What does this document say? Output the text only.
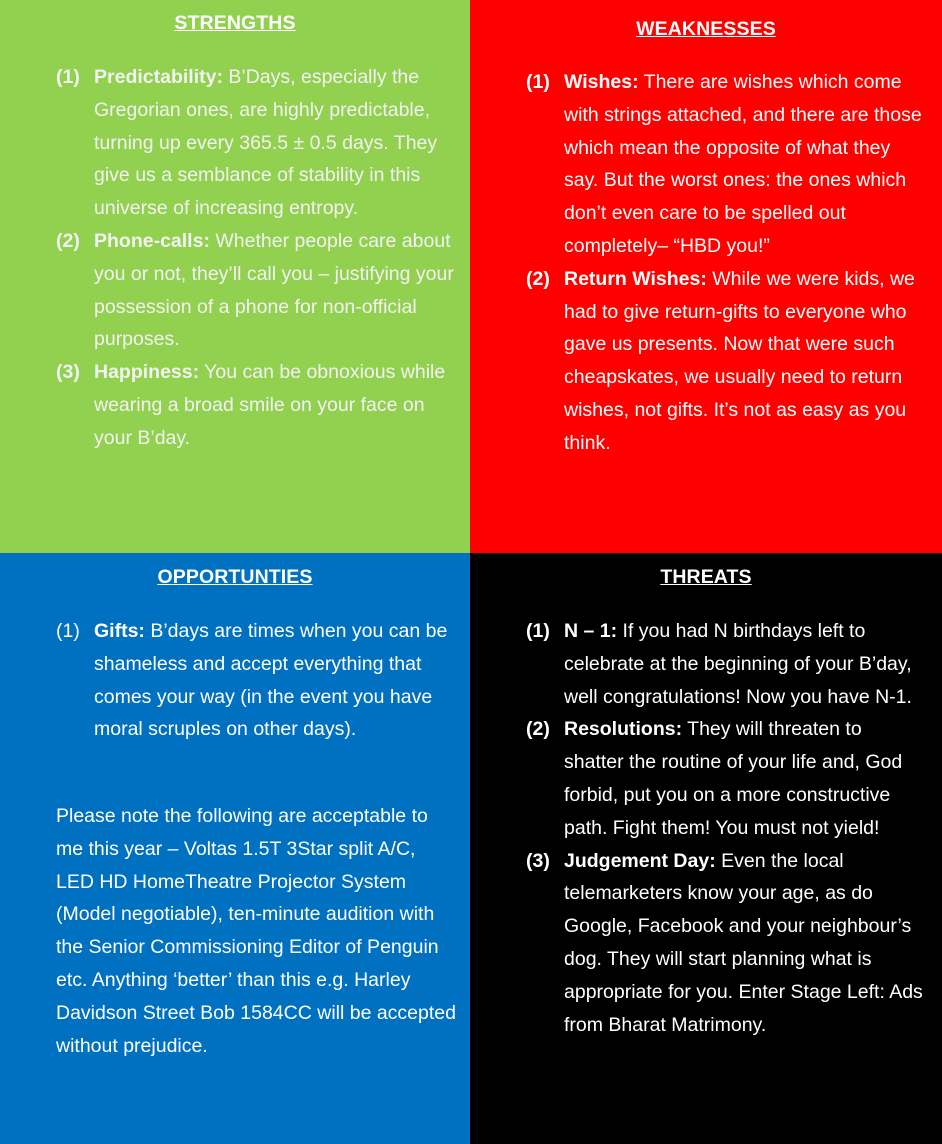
STRENGTHS
(1) Predictability: B’Days, especially the Gregorian ones, are highly predictable, turning up every 365.5 ± 0.5 days. They give us a semblance of stability in this universe of increasing entropy.
(2) Phone-calls: Whether people care about you or not, they’ll call you – justifying your possession of a phone for non-official purposes.
(3) Happiness: You can be obnoxious while wearing a broad smile on your face on your B’day.
WEAKNESSES
(1) Wishes: There are wishes which come with strings attached, and there are those which mean the opposite of what they say. But the worst ones: the ones which don’t even care to be spelled out completely– “HBD you!”
(2) Return Wishes: While we were kids, we had to give return-gifts to everyone who gave us presents. Now that were such cheapskates, we usually need to return wishes, not gifts. It’s not as easy as you think.
OPPORTUNTIES
(1) Gifts: B’days are times when you can be shameless and accept everything that comes your way (in the event you have moral scruples on other days).

Please note the following are acceptable to me this year – Voltas 1.5T 3Star split A/C, LED HD HomeTheatre Projector System (Model negotiable), ten-minute audition with the Senior Commissioning Editor of Penguin etc. Anything ‘better’ than this e.g. Harley Davidson Street Bob 1584CC will be accepted without prejudice.

THREATS
(1) N – 1: If you had N birthdays left to celebrate at the beginning of your B’day, well congratulations! Now you have N-1.
(2) Resolutions: They will threaten to shatter the routine of your life and, God forbid, put you on a more constructive path. Fight them! You must not yield!
(3) Judgement Day: Even the local telemarketers know your age, as do Google, Facebook and your neighbour’s dog. They will start planning what is appropriate for you. Enter Stage Left: Ads from Bharat Matrimony.
